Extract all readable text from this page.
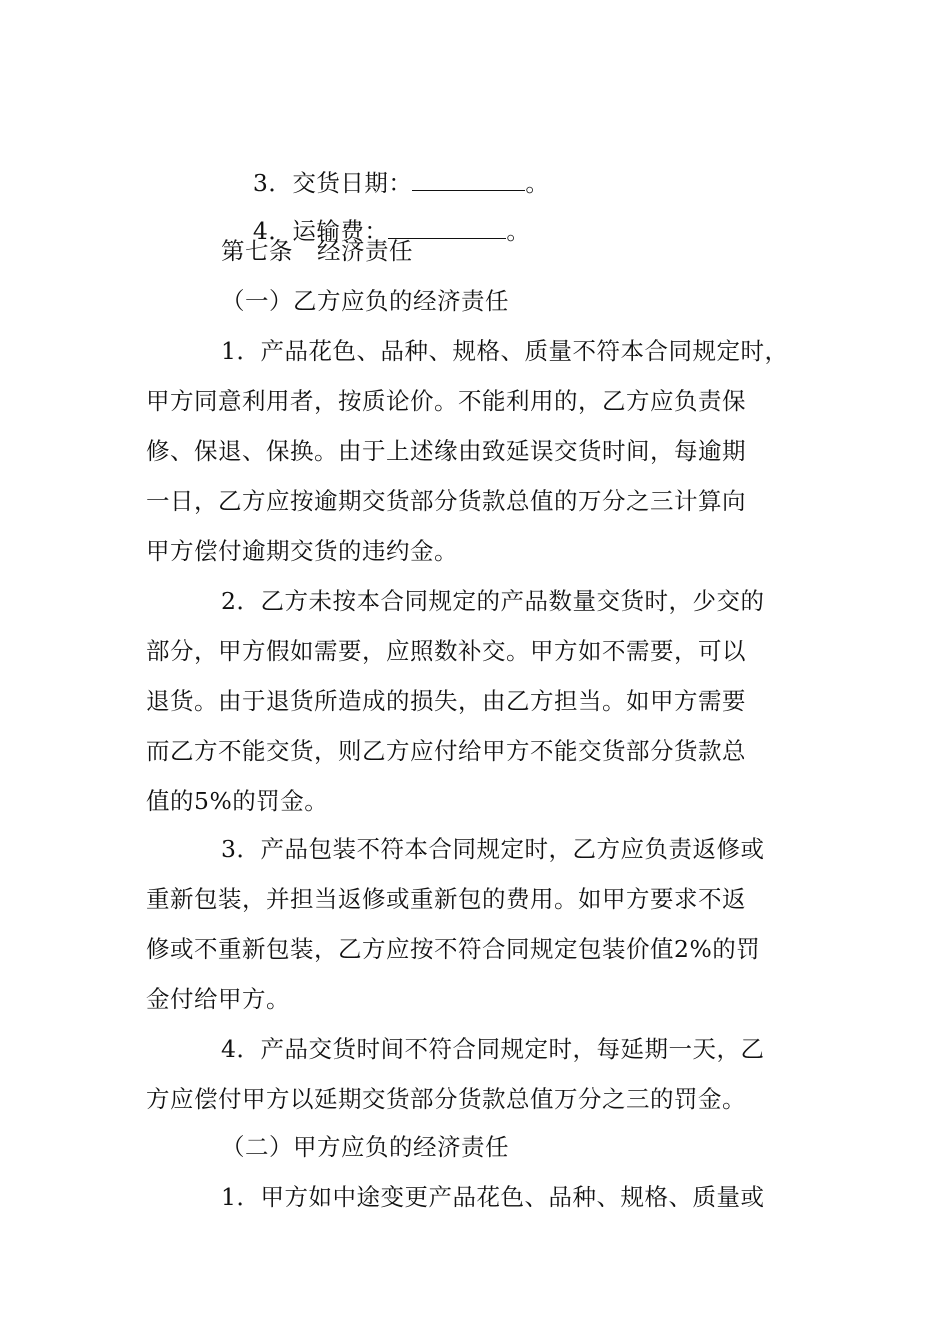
3．交货日期：	。

4．运输费：	。

第七条　经济责任
（一）乙方应负的经济责任
1．产品花色、品种、规格、质量不符本合同规定时，
甲方同意利用者，按质论价。不能利用的，乙方应负责保
修、保退、保换。由于上述缘由致延误交货时间，每逾期
一日，乙方应按逾期交货部分货款总值的万分之三计算向
甲方偿付逾期交货的违约金。
2．乙方未按本合同规定的产品数量交货时，少交的
部分，甲方假如需要，应照数补交。甲方如不需要，可以
退货。由于退货所造成的损失，由乙方担当。如甲方需要
而乙方不能交货，则乙方应付给甲方不能交货部分货款总
值的5%的罚金。
3．产品包装不符本合同规定时，乙方应负责返修或
重新包装，并担当返修或重新包的费用。如甲方要求不返
修或不重新包装，乙方应按不符合同规定包装价值2%的罚
金付给甲方。
4．产品交货时间不符合同规定时，每延期一天，乙
方应偿付甲方以延期交货部分货款总值万分之三的罚金。
（二）甲方应负的经济责任
1．甲方如中途变更产品花色、品种、规格、质量或
